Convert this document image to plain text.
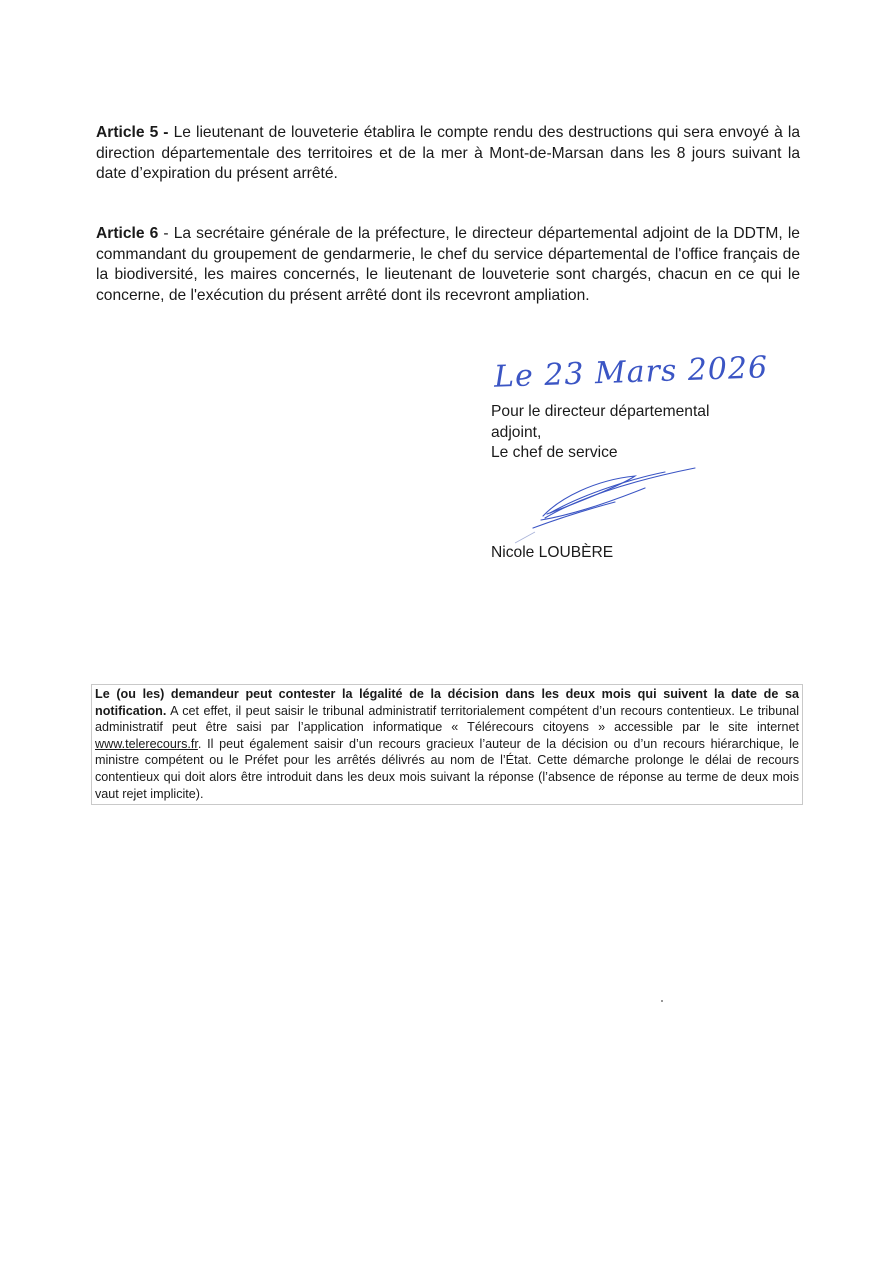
Article 5 - Le lieutenant de louveterie établira le compte rendu des destructions qui sera envoyé à la direction départementale des territoires et de la mer à Mont-de-Marsan dans les 8 jours suivant la date d’expiration du présent arrêté.
Article 6 - La secrétaire générale de la préfecture, le directeur départemental adjoint de la DDTM, le commandant du groupement de gendarmerie, le chef du service départemental de l'office français de la biodiversité, les maires concernés, le lieutenant de louveterie sont chargés, chacun en ce qui le concerne, de l'exécution du présent arrêté dont ils recevront ampliation.
Le 23 Mars 2026
Pour le directeur départemental
adjoint,
Le chef de service
Nicole LOUBÈRE
Le (ou les) demandeur peut contester la légalité de la décision dans les deux mois qui suivent la date de sa notification. A cet effet, il peut saisir le tribunal administratif territorialement compétent d’un recours contentieux. Le tribunal administratif peut être saisi par l’application informatique « Télérecours citoyens » accessible par le site internet www.telerecours.fr. Il peut également saisir d’un recours gracieux l’auteur de la décision ou d’un recours hiérarchique, le ministre compétent ou le Préfet pour les arrêtés délivrés au nom de l’État. Cette démarche prolonge le délai de recours contentieux qui doit alors être introduit dans les deux mois suivant la réponse (l’absence de réponse au terme de deux mois vaut rejet implicite).
